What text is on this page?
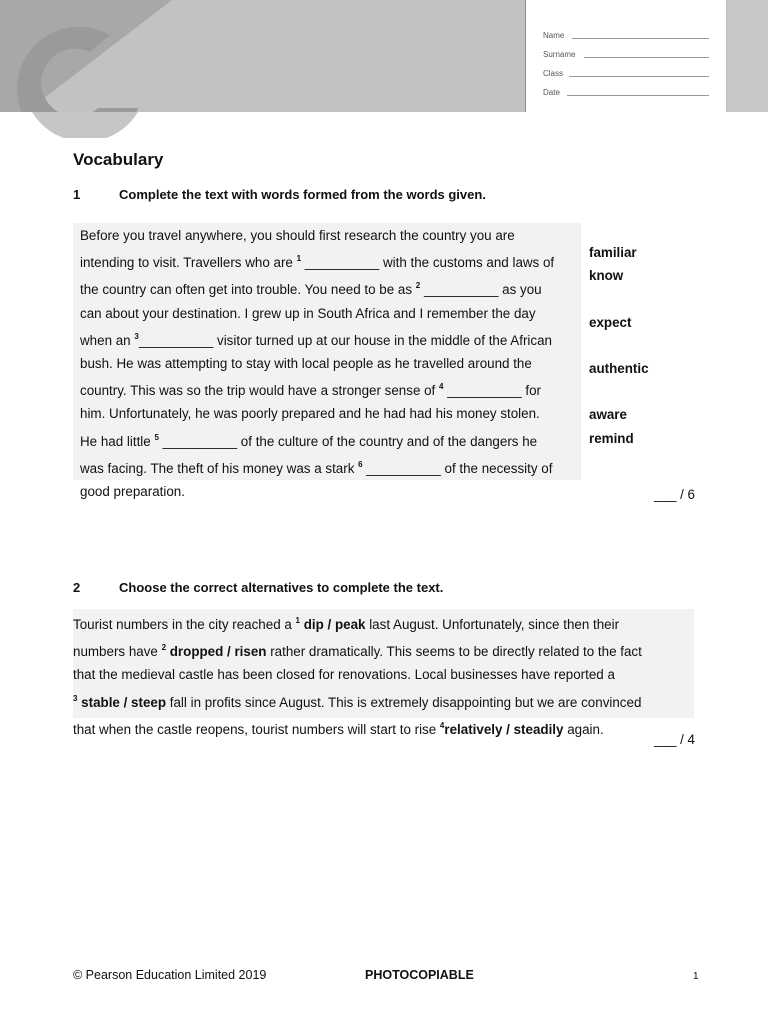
Name
Surname
Class
Date
Vocabulary
1	Complete the text with words formed from the words given.
Before you travel anywhere, you should first research the country you are
intending to visit. Travellers who are $^1$ __________ with the customs and laws of
the country can often get into trouble. You need to be as $^2$ __________ as you
can about your destination. I grew up in South Africa and I remember the day
when an $^3$__________ visitor turned up at our house in the middle of the African
bush. He was attempting to stay with local people as he travelled around the
country. This was so the trip would have a stronger sense of $^4$ __________ for
him. Unfortunately, he was poorly prepared and he had had his money stolen.
He had little $^5$ __________ of the culture of the country and of the dangers he
was facing. The theft of his money was a stark $^6$ __________ of the necessity of
good preparation.
familiar
know
expect
authentic
aware
remind
___ / 6
2	Choose the correct alternatives to complete the text.
Tourist numbers in the city reached a $^1$ dip / peak last August. Unfortunately, since then their
numbers have $^2$ dropped / risen rather dramatically. This seems to be directly related to the fact
that the medieval castle has been closed for renovations. Local businesses have reported a
$^3$ stable / steep fall in profits since August. This is extremely disappointing but we are convinced
that when the castle reopens, tourist numbers will start to rise $^4$relatively / steadily again.
___ / 4
© Pearson Education Limited 2019	PHOTOCOPIABLE	1
